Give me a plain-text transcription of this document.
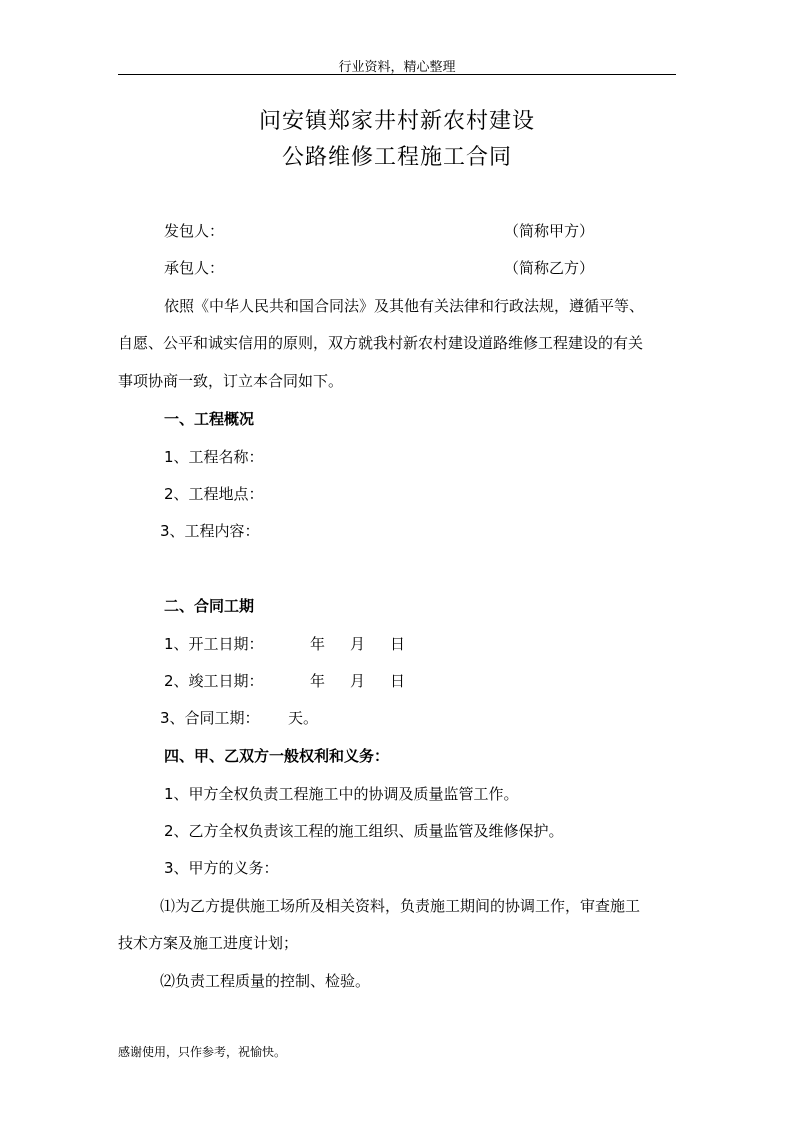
行业资料，精心整理
问安镇郑家井村新农村建设
公路维修工程施工合同
发包人：	（简称甲方）
承包人：	（简称乙方）
依照《中华人民共和国合同法》及其他有关法律和行政法规，遵循平等、
自愿、公平和诚实信用的原则，双方就我村新农村建设道路维修工程建设的有关
事项协商一致，订立本合同如下。
一、工程概况
1、工程名称：
2、工程地点：
3、工程内容：
二、合同工期
1、开工日期：	年 月 日
2、竣工日期：	年 月 日
3、合同工期： 天。
四、甲、乙双方一般权利和义务：
1、甲方全权负责工程施工中的协调及质量监管工作。
2、乙方全权负责该工程的施工组织、质量监管及维修保护。
3、甲方的义务：
⑴为乙方提供施工场所及相关资料，负责施工期间的协调工作，审查施工
技术方案及施工进度计划；
⑵负责工程质量的控制、检验。
感谢使用，只作参考，祝愉快。
